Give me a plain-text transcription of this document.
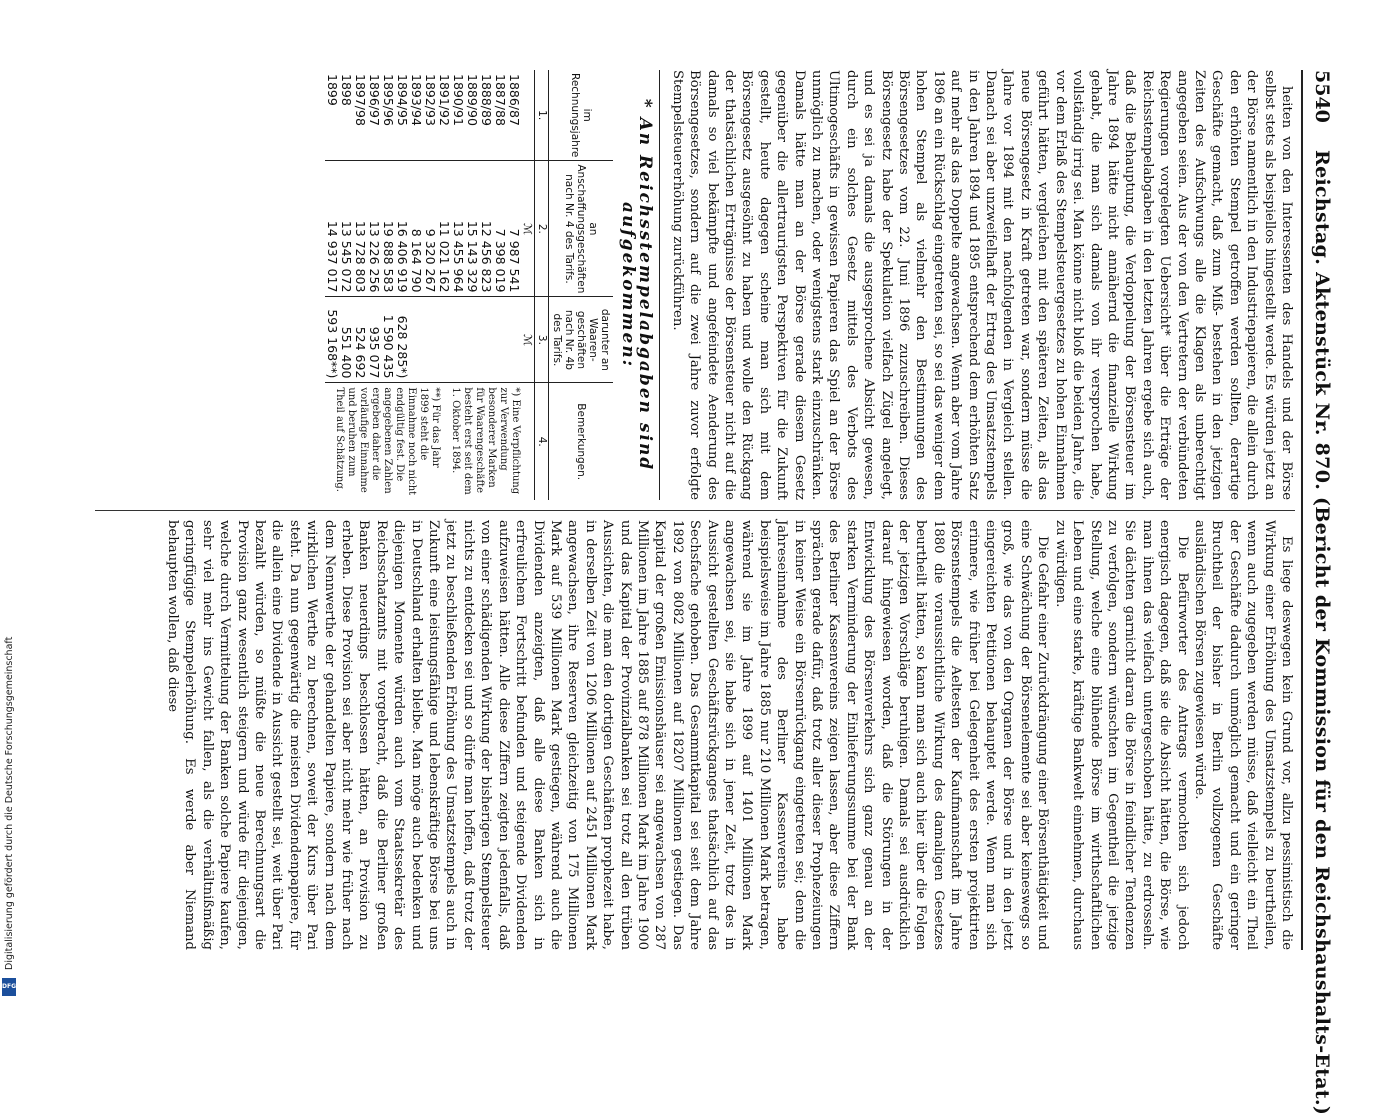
5540
Reichstag. Aktenstück Nr. 870. (Bericht der Kommission für den Reichshaushalts-Etat.)

heiten von den Interessenten des Handels und der Börse selbst stets als beispiellos hingestellt werde. Es würden jetzt an der Börse namentlich in den Industriepapieren, die allein durch den erhöhten Stempel getroffen werden sollten, derartige Geschäfte gemacht, daß zum Miß- bestehen in den jetzigen Zeiten des Aufschwungs alle die Klagen als unberechtigt angegeben seien. Aus der von den Vertretern der verbündeten Regierungen vorgelegten Uebersicht* über die Erträge der Reichsstempelabgaben in den letzten Jahren ergebe sich auch, daß die Behauptung, die Verdoppelung der Börsensteuer im Jahre 1894 hätte nicht annähernd die finanzielle Wirkung gehabt, die man sich damals von ihr versprochen habe, vollständig irrig sei. Man könne nicht bloß die beiden Jahre, die vor dem Erlaß des Stempelsteuergesetzes zu hohen Einnahmen geführt hätten, vergleichen mit den späteren Zeiten, als das neue Börsengesetz in Kraft getreten war, sondern müsse die Jahre vor 1894 mit den nachfolgenden in Vergleich stellen. Danach sei aber unzweifelhaft der Ertrag des Umsatzstempels in den Jahren 1894 und 1895 entsprechend dem erhöhten Satz auf mehr als das Doppelte angewachsen. Wenn aber vom Jahre 1896 an ein Rückschlag eingetreten sei, so sei das weniger dem hohen Stempel als vielmehr den Bestimmungen des Börsengesetzes vom 22. Juni 1896 zuzuschreiben. Dieses Börsengesetz habe der Spekulation vielfach Zügel angelegt, und es sei ja damals die ausgesprochene Absicht gewesen, durch ein solches Gesetz mittels des Verbots des Ultimogeschäfts in gewissen Papieren das Spiel an der Börse unmöglich zu machen, oder wenigstens stark einzuschränken. Damals hätte man an der Börse gerade diesem Gesetz gegenüber die allertraurigsten Perspektiven für die Zukunft gestellt, heute dagegen scheine man sich mit dem Börsengesetz ausgesöhnt zu haben und wolle den Rückgang der thatsächlichen Erträgnisse der Börsensteuer nicht auf die damals so viel bekämpfte und angefeindete Aenderung des Börsengesetzes, sondern auf die zwei Jahre zuvor erfolgte Stempelsteuererhöhung zurückführen.

* An Reichsstempelabgaben sind aufgekommen:
im Rechnungsjahre	an Anschaffungsgeschäften nach Nr. 4 des Tarifs.	darunter an Waaren-geschäften nach Nr. 4b des Tarifs.	Bemerkungen.
1.	2.	3.	4.
	ℳ	ℳ	
1886/87	7 987 541		*) Eine Verpflichtung zur Verwendung besonderer Marken für Waarengeschäfte besteht erst seit dem 1. Oktober 1894.
**) Für das Jahr 1899 steht die Einnahme noch nicht endgültig fest. Die angegebenen Zahlen ergeben daher die vorläufige Einnahme und beruhen zum Theil auf Schätzung.

1887/88	7 398 019		
1888/89	12 456 823		
1889/90	15 143 329		
1890/91	13 455 964		
1891/92	11 021 162		
1892/93	9 320 267		
1893/94	8 164 790		
1894/95	16 406 919	628 285*)	
1895/96	19 888 583	1 590 435	
1896/97	13 226 256	935 077	
1897/98	13 728 803	524 692	
1898	13 545 072	551 400	
1899	14 937 017	593 168**)	

Es liege deswegen kein Grund vor, allzu pessimistisch die Wirkung einer Erhöhung des Umsatzstempels zu beurtheilen, wenn auch zugegeben werden müsse, daß vielleicht ein Theil der Geschäfte dadurch unmöglich gemacht und ein geringer Bruchtheil der bisher in Berlin vollzogenen Geschäfte ausländischen Börsen zugewiesen würde.

Die Befürworter des Antrags vermochten sich jedoch energisch dagegen, daß sie die Absicht hätten, die Börse, wie man ihnen das vielfach untergeschoben hätte, zu erdrosseln. Sie dächten garnicht daran die Börse in feindlicher Tendenzen zu verfolgen, sondern wünschten im Gegentheil die jetzige Stellung, welche eine blühende Börse im wirthschaftlichen Leben und eine starke, kräftige Bankwelt einnehmen, durchaus zu würdigen.

Die Gefahr einer Zurückdrängung einer Börsenthätigkeit und eine Schwächung der Börsenelemente sei aber keineswegs so groß, wie das von den Organen der Börse und in den jetzt eingereichten Petitionen behauptet werde. Wenn man sich erinnere, wie früher bei Gelegenheit des ersten projektirten Börsenstempels die Aeltesten der Kaufmannschaft im Jahre 1880 die voraussichtliche Wirkung des damaligen Gesetzes beurtheilt hätten, so kann man sich auch hier über die Folgen der jetzigen Vorschläge beruhigen. Damals sei ausdrücklich darauf hingewiesen worden, daß die Störungen in der Entwicklung des Börsenverkehrs sich ganz genau an der starken Verminderung der Einlieferungssumme bei der Bank des Berliner Kassenvereins zeigen lassen, aber diese Ziffern sprächen gerade dafür, daß trotz aller dieser Prophezeiungen in keiner Weise ein Börsenrückgang eingetreten sei; denn die Jahreseinnahme des Berliner Kassenvereins habe beispielsweise im Jahre 1885 nur 210 Millionen Mark betragen, während sie im Jahre 1899 auf 1401 Millionen Mark angewachsen sei, sie habe sich in jener Zeit, trotz des in Aussicht gestellten Geschäftsrückganges thatsächlich auf das Sechsfache gehoben. Das Gesammtkapital sei seit dem Jahre 1892 von 8082 Millionen auf 18207 Millionen gestiegen. Das Kapital der großen Emissionshäuser sei angewachsen von 287 Millionen im Jahre 1885 auf 878 Millionen Mark im Jahre 1900 und das Kapital der Provinzialbanken sei trotz all den trüben Aussichten, die man den dortigen Geschäften prophezeit habe, in derselben Zeit von 1206 Millionen auf 2451 Millionen Mark angewachsen, ihre Reserven gleichzeitig von 175 Millionen Mark auf 539 Millionen Mark gestiegen, während auch die Dividenden anzeigten, daß alle diese Banken sich in erfreulichem Fortschritt befunden und steigende Dividenden aufzuweisen hätten. Alle diese Ziffern zeigten jedenfalls, daß von einer schädigenden Wirkung der bisherigen Stempelsteuer nichts zu entdecken sei und so dürfe man hoffen, daß trotz der jetzt zu beschließenden Erhöhung des Umsatzstempels auch in Zukunft eine leistungsfähige und lebenskräftige Börse bei uns in Deutschland erhalten bleibe. Man möge auch bedenken und diejenigen Momente würden auch vom Staatssekretär des Reichsschatzamts mit vorgebracht, daß die Berliner großen Banken neuerdings beschlossen hätten, an Provision zu erheben. Diese Provision sei aber nicht mehr wie früher nach dem Nennwerthe der gehandelten Papiere, sondern nach dem wirklichen Werthe zu berechnen, soweit der Kurs über Pari steht. Da nun gegenwärtig die meisten Dividendenpapiere, für die allein eine Dividende in Aussicht gestellt sei, weit über Pari bezahlt würden, so müßte die neue Berechnungsart die Provision ganz wesentlich steigern und würde für diejenigen, welche durch Vermittelung der Banken solche Papiere kaufen, sehr viel mehr ins Gewicht fallen, als die verhältnißmäßig geringfügige Stempelerhöhung. Es werde aber Niemand behaupten wollen, daß diese

Digitalisierung gefördert durch die Deutsche Forschungsgemeinschaft
DFG
